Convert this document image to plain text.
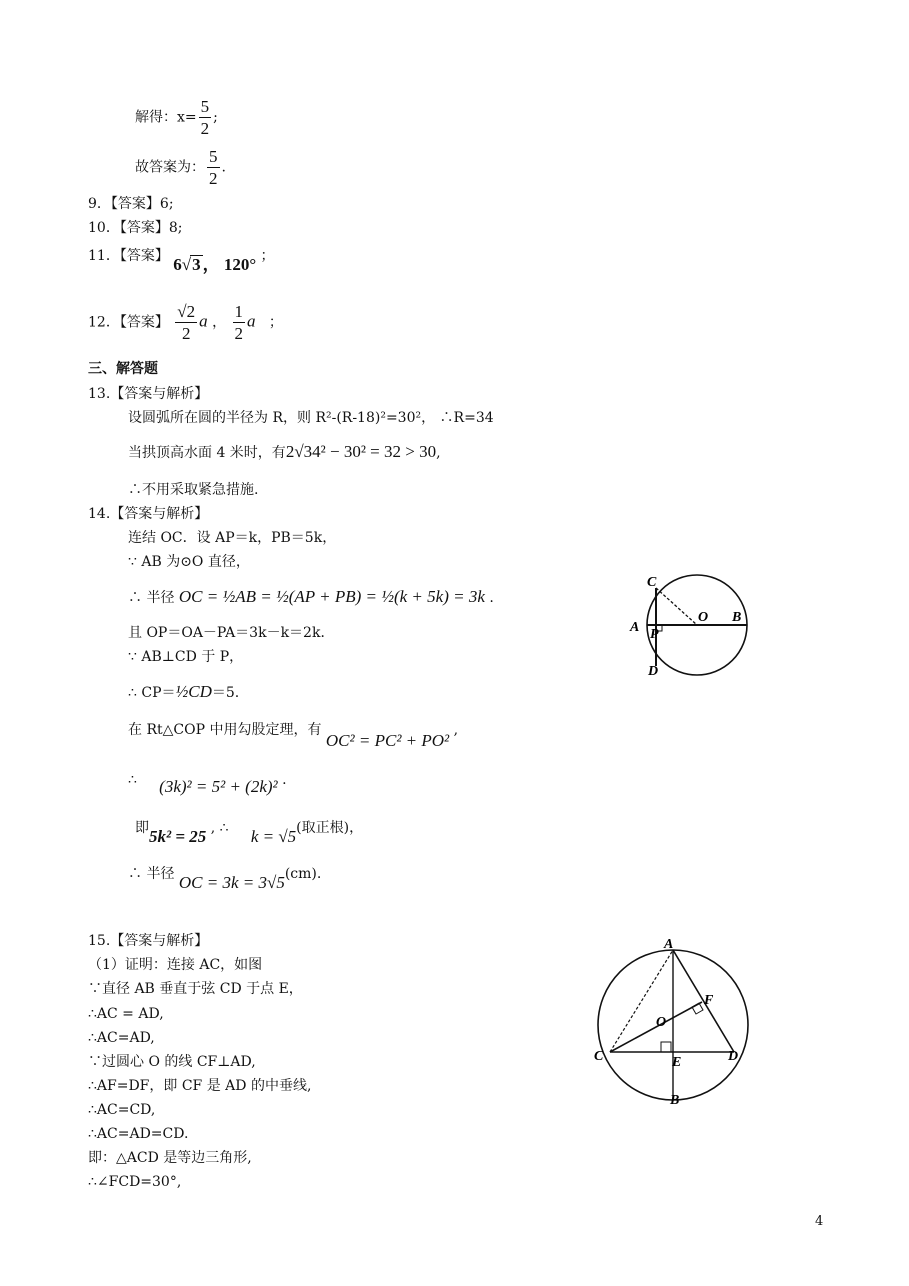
解得：$x= \frac{5}{2}$ ;
故答案为： $\frac{5}{2}$ .
9．【答案】6;
10．【答案】8;
11．【答案】 6√3 ， 120° ；
12．【答案】 $\frac{√2}{2}$ a ， $\frac{1}{2}$ a ；
三、解答题
13.【答案与解析】
设圆弧所在圆的半径为 R，则 R²-(R-18)²=30²， ∴R=34
当拱顶高水面 4 米时，有2√34² − 30² = 32 > 30,
∴不用采取紧急措施.
14.【答案与解析】
连结 OC．设 AP＝k，PB＝5k，
∵ AB 为⊙O 直径，
∴ 半径 OC = ½AB = ½(AP + PB) = ½(k + 5k) = 3k .
且 OP＝OA－PA＝3k－k＝2k．
∵ AB⊥CD 于 P，
∴ CP＝½CD＝5.
在 Rt△COP 中用勾股定理，有 OC² = PC² + PO² ,
∴     (3k)² = 5² + (2k)² .
即5k² = 25 , ∴     k = √5(取正根)，
∴ 半径 OC = 3k = 3√5(cm).
C
O B
A P
D
15.【答案与解析】
（1）证明：连接 AC，如图
∵直径 AB 垂直于弦 CD 于点 E，
∴AC = AD,
∴AC=AD,
∵过圆心 O 的线 CF⊥AD,
∴AF=DF，即 CF 是 AD 的中垂线,
∴AC=CD,
∴AC=AD=CD.
即：△ACD 是等边三角形,
∴∠FCD=30°,
A
F
O
C	E	D
B
4
